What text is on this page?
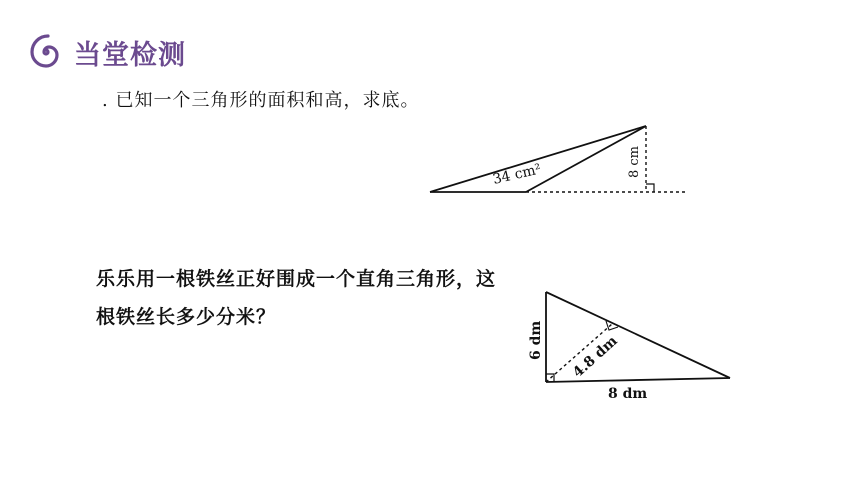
当堂检测
. 已知一个三角形的面积和高，求底。
34 cm²	8 cm
乐乐用一根铁丝正好围成一个直角三角形，这
根铁丝长多少分米？
6 dm 4.8 dm
8 dm
